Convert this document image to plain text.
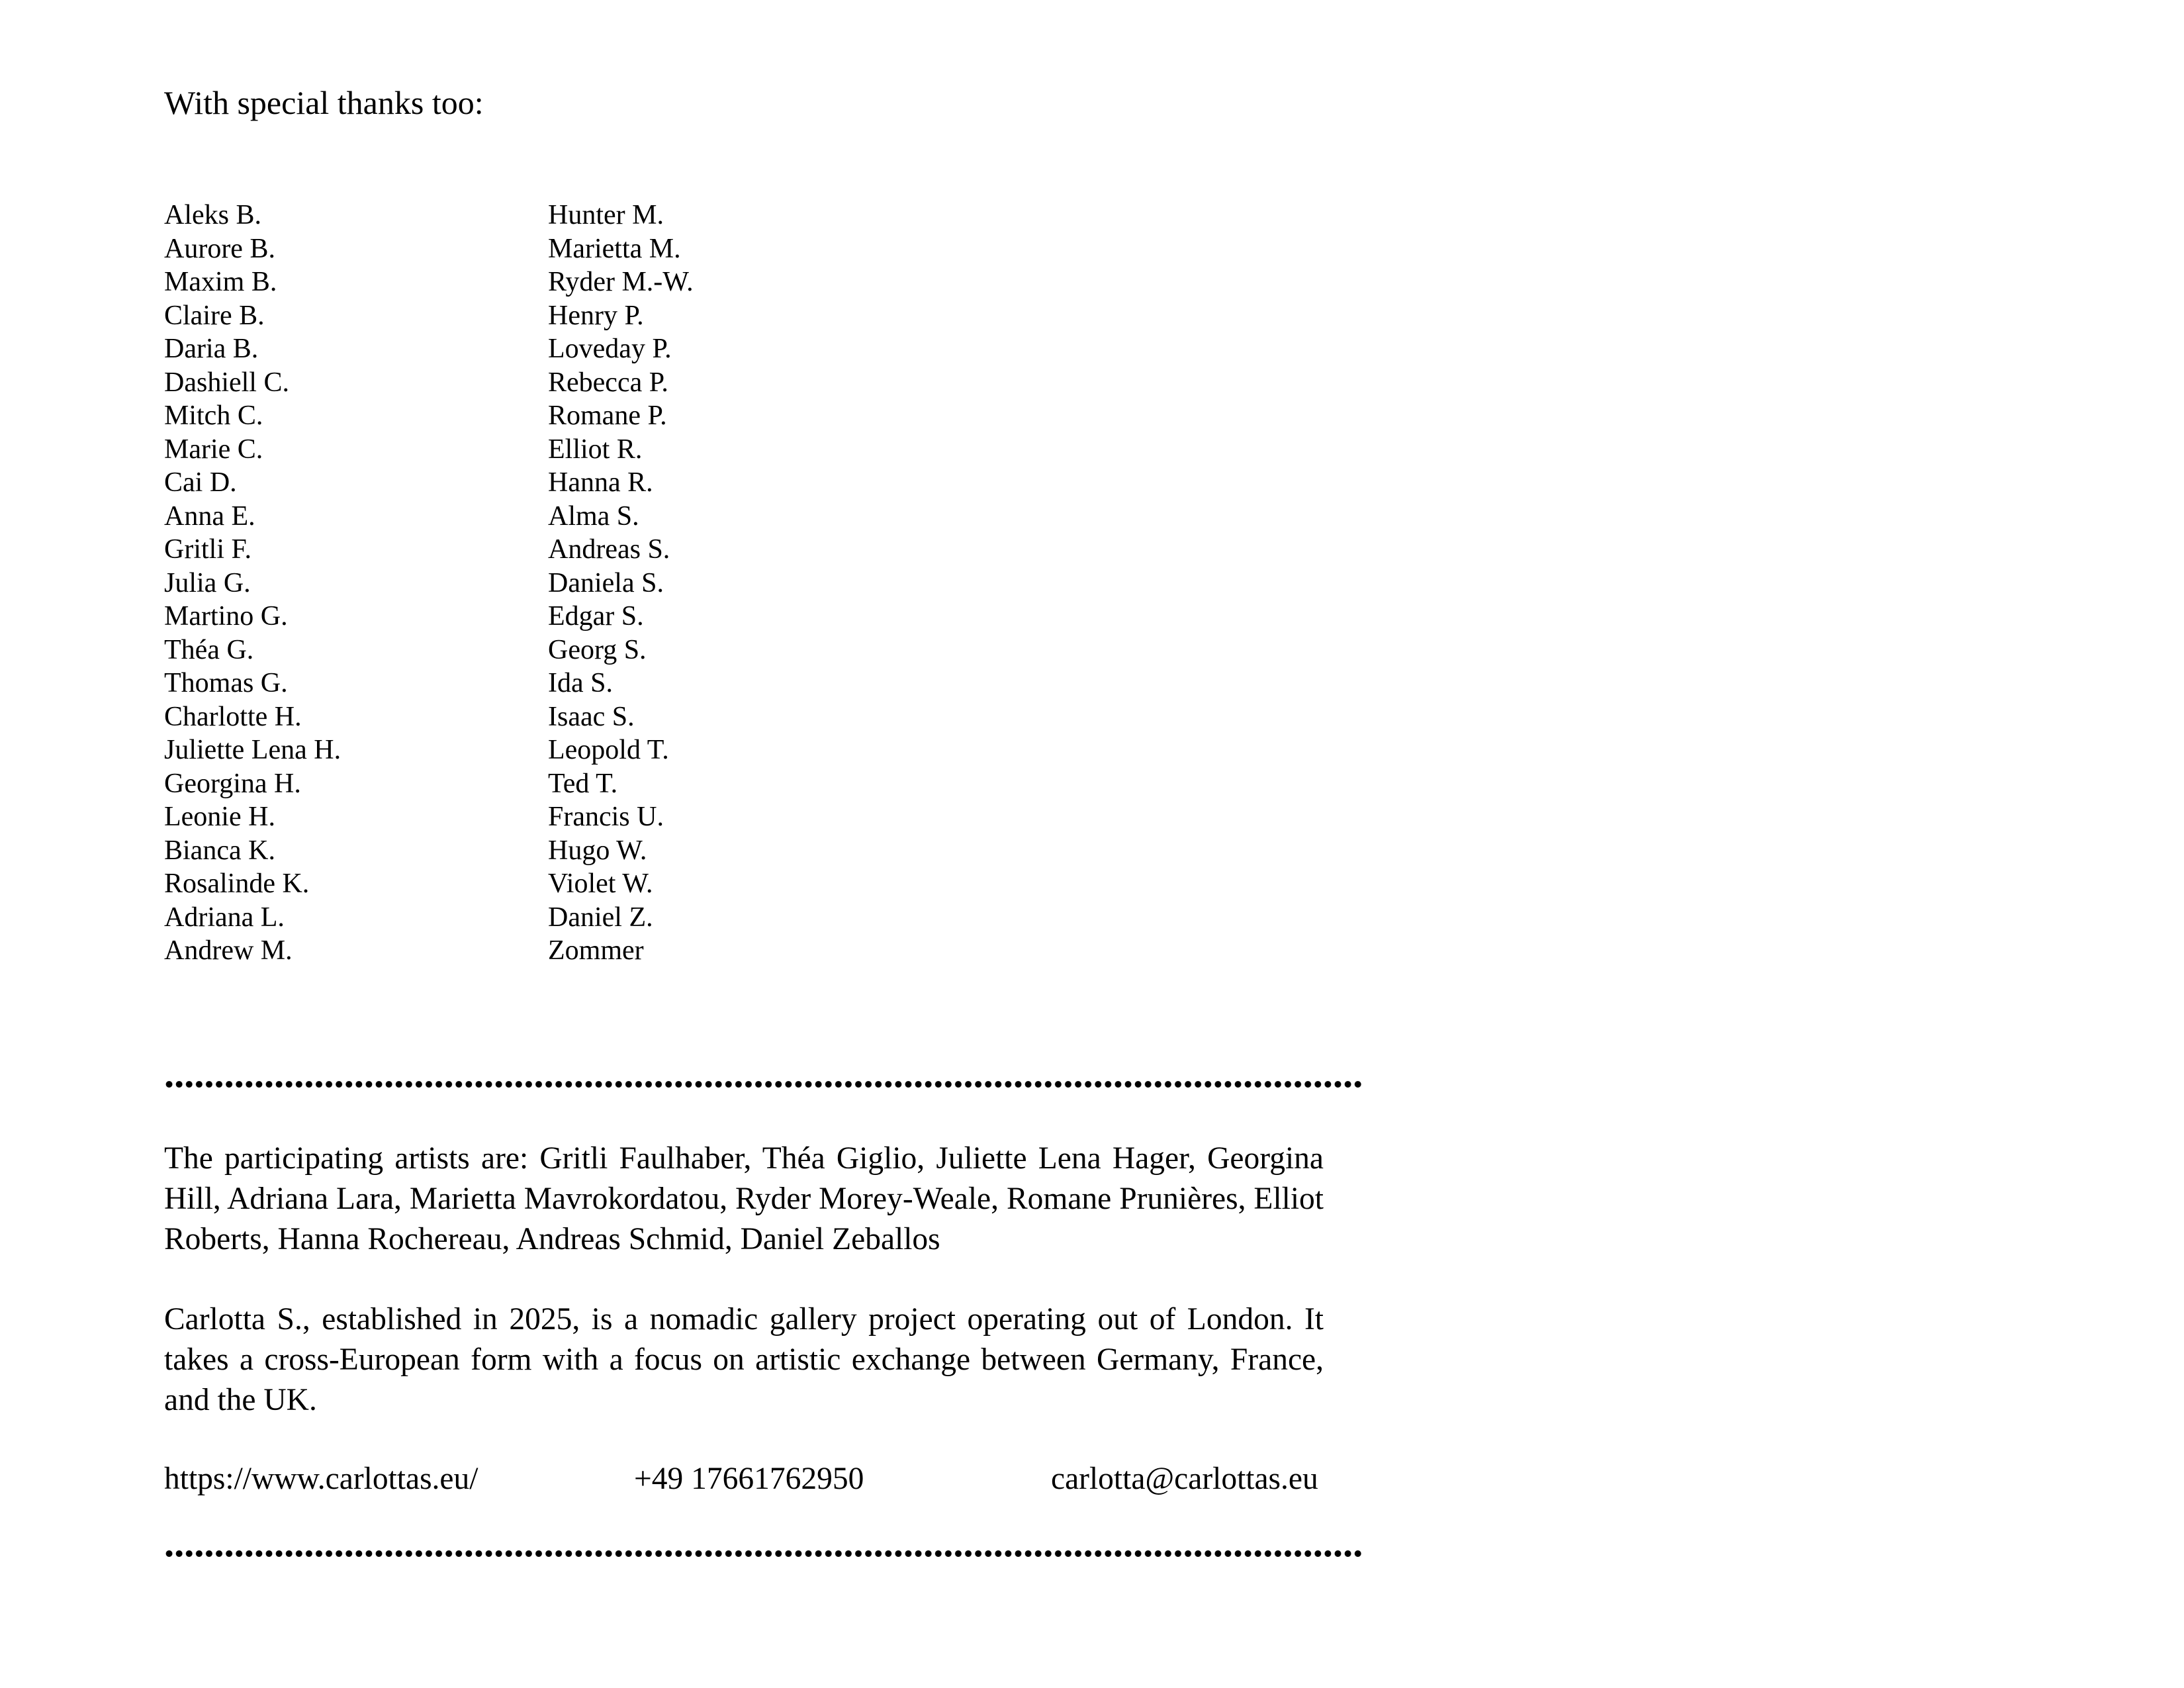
With special thanks too:
Aleks B.
Aurore B.
Maxim B.
Claire B.
Daria B.
Dashiell C.
Mitch C.
Marie C.
Cai D.
Anna E.
Gritli F.
Julia G.
Martino G.
Théa G.
Thomas G.
Charlotte H.
Juliette Lena H.
Georgina H.
Leonie H.
Bianca K.
Rosalinde K.
Adriana L.
Andrew M.
Hunter M.
Marietta M.
Ryder M.-W.
Henry P.
Loveday P.
Rebecca P.
Romane P.
Elliot R.
Hanna R.
Alma S.
Andreas S.
Daniela S.
Edgar S.
Georg S.
Ida S.
Isaac S.
Leopold T.
Ted T.
Francis U.
Hugo W.
Violet W.
Daniel Z.
Zommer
The participating artists are: Gritli Faulhaber, Théa Giglio, Juliette Lena Hager, Georgina Hill, Adriana Lara, Marietta Mavrokordatou, Ryder Morey-Weale, Romane Prunières, Elliot Roberts, Hanna Rochereau, Andreas Schmid, Daniel Zeballos
Carlotta S., established in 2025, is a nomadic gallery project operating out of London. It takes a cross-European form with a focus on artistic exchange between Germany, France, and the UK.
https://www.carlottas.eu/	+49 17661762950	carlotta@carlottas.eu
